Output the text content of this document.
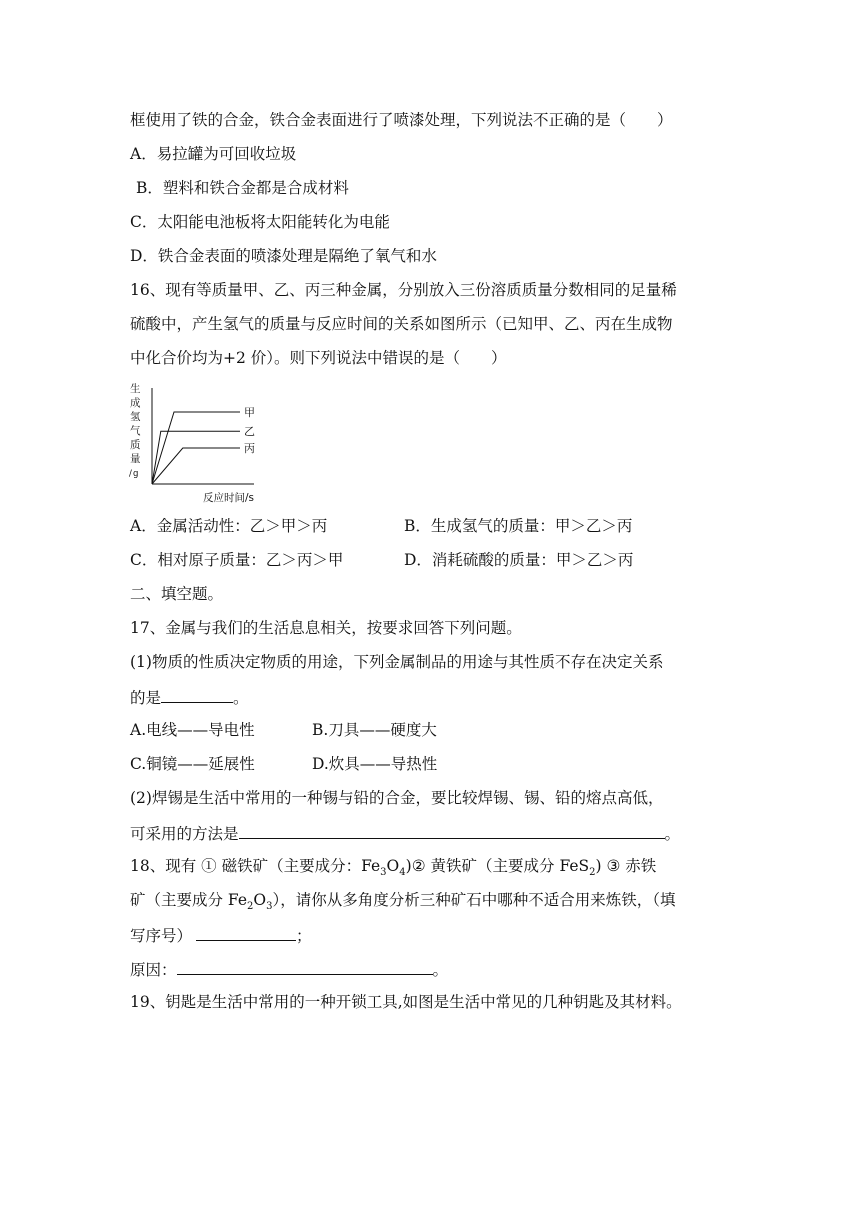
框使用了铁的合金，铁合金表面进行了喷漆处理，下列说法不正确的是（　　）
A．易拉罐为可回收垃圾
B．塑料和铁合金都是合成材料
C．太阳能电池板将太阳能转化为电能
D．铁合金表面的喷漆处理是隔绝了氧气和水
16、现有等质量甲、乙、丙三种金属，分别放入三份溶质质量分数相同的足量稀
硫酸中，产生氢气的质量与反应时间的关系如图所示（已知甲、乙、丙在生成物
中化合价均为+2 价）。则下列说法中错误的是（　　）
生
成
氢
气
质
量
/ g
反应时间/s
甲
乙
丙
A．金属活动性：乙＞甲＞丙	B．生成氢气的质量：甲＞乙＞丙
C．相对原子质量：乙＞丙＞甲	D．消耗硫酸的质量：甲＞乙＞丙
二、填空题。
17、金属与我们的生活息息相关，按要求回答下列问题。
(1)物质的性质决定物质的用途，下列金属制品的用途与其性质不存在决定关系
的是	。
A.电线——导电性	B.刀具——硬度大
C.铜镜——延展性	D.炊具——导热性
(2)焊锡是生活中常用的一种锡与铅的合金，要比较焊锡、锡、铅的熔点高低，
可采用的方法是	。
18、现有 ① 磁铁矿（主要成分：$Fe_3O_4)②$ 黄铁矿（主要成分 FeS$_2$) ③ 赤铁
矿（主要成分 $Fe_2O_3$），请你从多角度分析三种矿石中哪种不适合用来炼铁，（填
写序号）	；
原因：	。
19、钥匙是生活中常用的一种开锁工具,如图是生活中常见的几种钥匙及其材料。
